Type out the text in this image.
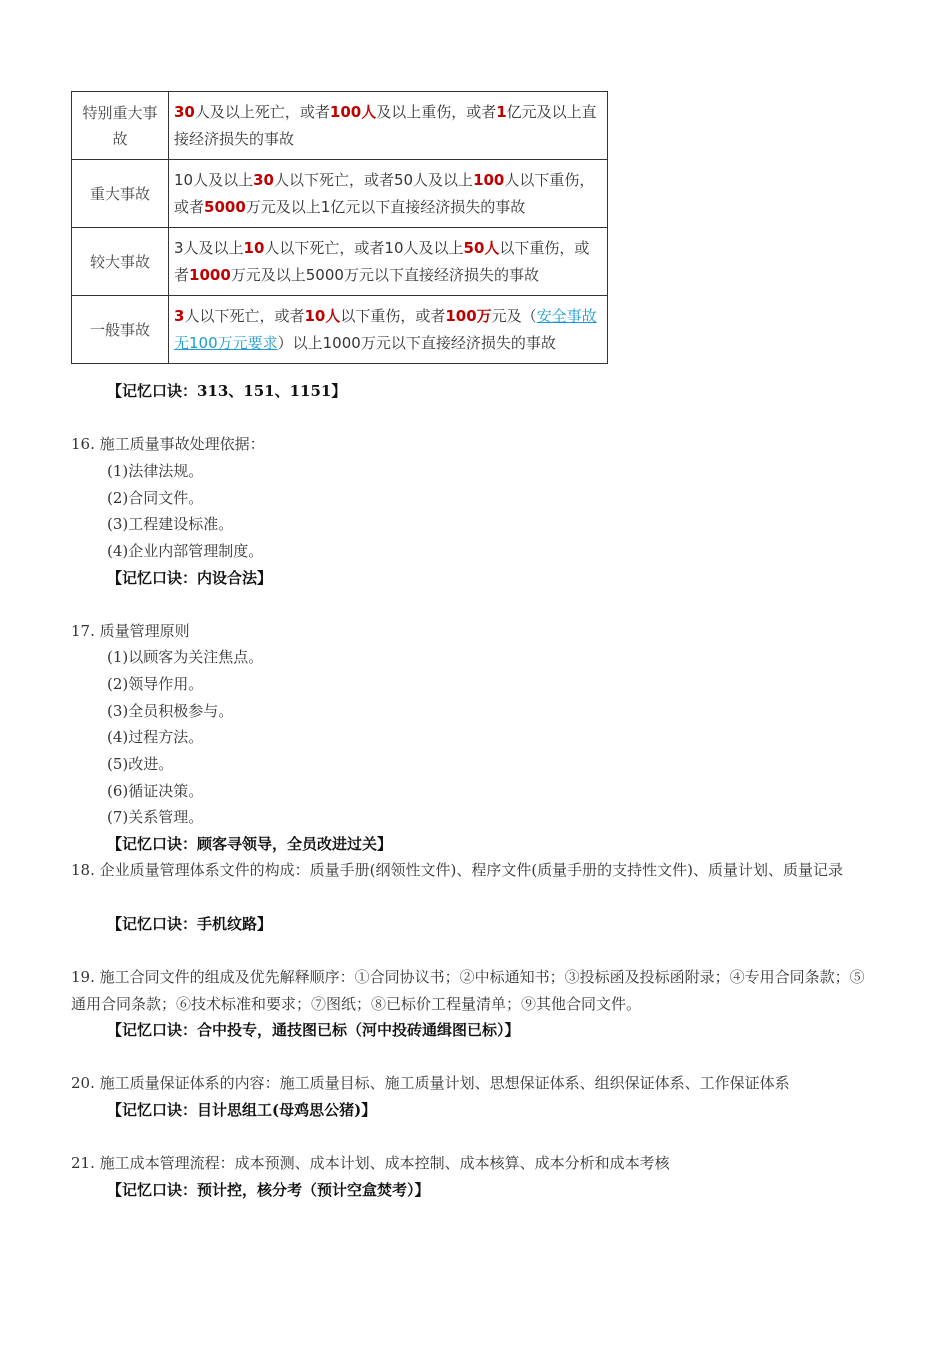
特别重大事故	30人及以上死亡，或者100人及以上重伤，或者1亿元及以上直接经济损失的事故
重大事故	10人及以上30人以下死亡，或者50人及以上100人以下重伤，或者5000万元及以上1亿元以下直接经济损失的事故
较大事故	3人及以上10人以下死亡，或者10人及以上50人以下重伤，或者1000万元及以上5000万元以下直接经济损失的事故
一般事故	3人以下死亡，或者10人以下重伤，或者100万元及（安全事故无100万元要求）以上1000万元以下直接经济损失的事故
【记忆口诀：313、151、1151】
16. 施工质量事故处理依据：
(1)法律法规。
(2)合同文件。
(3)工程建设标准。
(4)企业内部管理制度。
【记忆口诀：内设合法】
17. 质量管理原则
(1)以顾客为关注焦点。
(2)领导作用。
(3)全员积极参与。
(4)过程方法。
(5)改进。
(6)循证决策。
(7)关系管理。
【记忆口诀：顾客寻领导，全员改进过关】
18. 企业质量管理体系文件的构成：质量手册(纲领性文件)、程序文件(质量手册的支持性文件)、质量计划、质量记录
【记忆口诀：手机纹路】
19. 施工合同文件的组成及优先解释顺序：①合同协议书；②中标通知书；③投标函及投标函附录；④专用合同条款；⑤通用合同条款；⑥技术标准和要求；⑦图纸；⑧已标价工程量清单；⑨其他合同文件。
【记忆口诀：合中投专，通技图已标（河中投砖通缉图已标）】
20. 施工质量保证体系的内容：施工质量目标、施工质量计划、思想保证体系、组织保证体系、工作保证体系
【记忆口诀：目计思组工(母鸡思公猪)】
21. 施工成本管理流程：成本预测、成本计划、成本控制、成本核算、成本分析和成本考核
【记忆口诀：预计控，核分考（预计空盒焚考）】
